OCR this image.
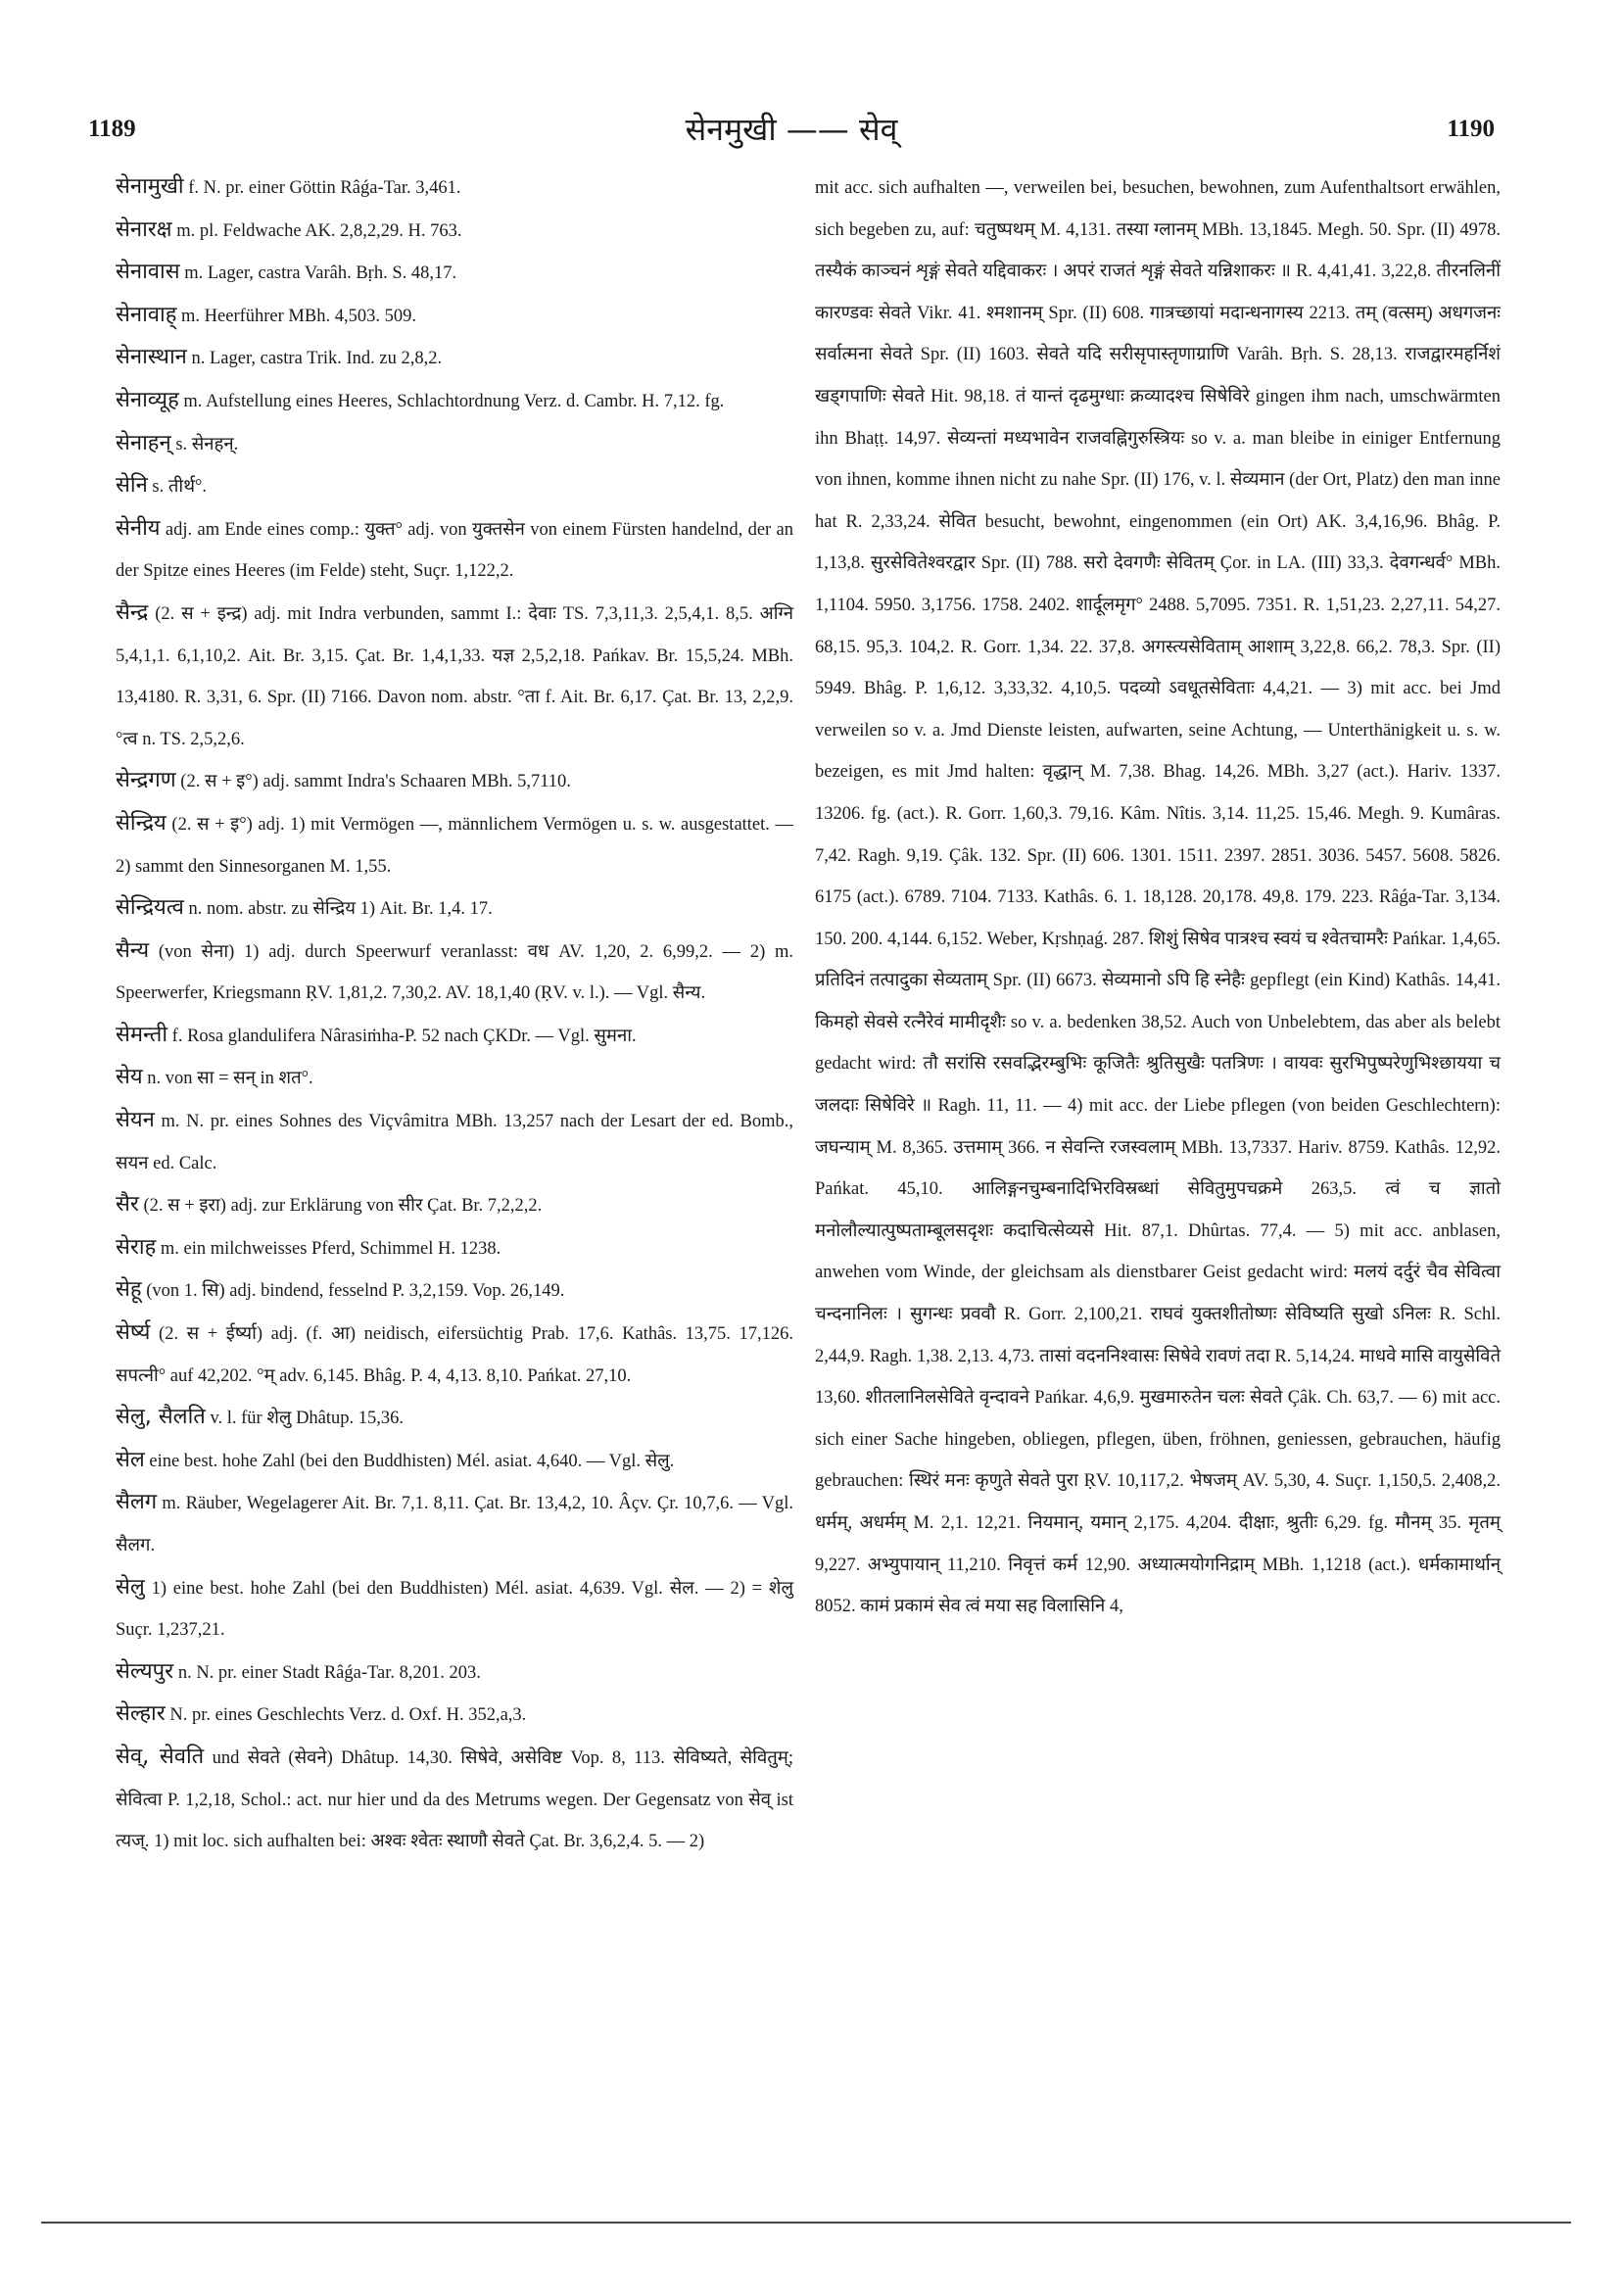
1189	सेनमुखी —— सेव्	1190
सेनामुखी f. N. pr. einer Göttin Râǵa-Tar. 3,461.
सेनारक्ष m. pl. Feldwache AK. 2,8,2,29. H. 763.
सेनावास m. Lager, castra Varâh. Bṛh. S. 48,17.
सेनावाह् m. Heerführer MBh. 4,503. 509.
सेनास्थान n. Lager, castra Trik. Ind. zu 2,8,2.
सेनाव्यूह m. Aufstellung eines Heeres, Schlachtordnung Verz. d. Cambr. H. 7,12. fg.
सेनाहन् s. सेनहन्.
सेनि s. तीर्थ°.
सेनीय adj. am Ende eines comp.: युक्त° adj. von युक्तसेन von einem Fürsten handelnd, der an der Spitze eines Heeres (im Felde) steht, Suçr. 1,122,2.
सैन्द्र (2. स + इन्द्र) adj. mit Indra verbunden, sammt I.: देवाः TS. 7,3,11,3. 2,5,4,1. 8,5. अग्नि 5,4,1,1. 6,1,10,2. Ait. Br. 3,15. Çat. Br. 1,4,1,33. यज्ञ 2,5,2,18. Pańkav. Br. 15,5,24. MBh. 13,4180. R. 3,31, 6. Spr. (II) 7166. Davon nom. abstr. °ता f. Ait. Br. 6,17. Çat. Br. 13, 2,2,9. °त्व n. TS. 2,5,2,6.
सेन्द्रगण (2. स + इ°) adj. sammt Indra's Schaaren MBh. 5,7110.
सेन्द्रिय (2. स + इ°) adj. 1) mit Vermögen —, männlichem Vermögen u. s. w. ausgestattet. — 2) sammt den Sinnesorganen M. 1,55.
सेन्द्रियत्व n. nom. abstr. zu सेन्द्रिय 1) Ait. Br. 1,4. 17.
सैन्य (von सेना) 1) adj. durch Speerwurf veranlasst: वध AV. 1,20, 2. 6,99,2. — 2) m. Speerwerfer, Kriegsmann ṚV. 1,81,2. 7,30,2. AV. 18,1,40 (ṚV. v. l.). — Vgl. सैन्य.
सेमन्ती f. Rosa glandulifera Nârasiṁha-P. 52 nach ÇKDr. — Vgl. सुमना.
सेय n. von सा = सन् in शत°.
सेयन m. N. pr. eines Sohnes des Viçvâmitra MBh. 13,257 nach der Lesart der ed. Bomb., सयन ed. Calc.
सैर (2. स + इरा) adj. zur Erklärung von सीर Çat. Br. 7,2,2,2.
सेराह m. ein milchweisses Pferd, Schimmel H. 1238.
सेहू (von 1. सि) adj. bindend, fesselnd P. 3,2,159. Vop. 26,149.
सेर्ष्य (2. स + ईर्ष्या) adj. (f. आ) neidisch, eifersüchtig Prab. 17,6. Kathâs. 13,75. 17,126. सपत्नी° auf 42,202. °म् adv. 6,145. Bhâg. P. 4, 4,13. 8,10. Pańkat. 27,10.
सेलु, सैलति v. l. für शेलु Dhâtup. 15,36.
सेल eine best. hohe Zahl (bei den Buddhisten) Mél. asiat. 4,640. — Vgl. सेलु.
सैलग m. Räuber, Wegelagerer Ait. Br. 7,1. 8,11. Çat. Br. 13,4,2, 10. Âçv. Çr. 10,7,6. — Vgl. सैलग.
सेलु 1) eine best. hohe Zahl (bei den Buddhisten) Mél. asiat. 4,639. Vgl. सेल. — 2) = शेलु Suçr. 1,237,21.
सेल्यपुर n. N. pr. einer Stadt Râǵa-Tar. 8,201. 203.
सेल्हार N. pr. eines Geschlechts Verz. d. Oxf. H. 352,a,3.
सेव्, सेवति und सेवते (सेवने) Dhâtup. 14,30. सिषेवे, असेविष्ट Vop. 8, 113. सेविष्यते, सेवितुम्; सेवित्वा P. 1,2,18, Schol.: act. nur hier und da des Metrums wegen. Der Gegensatz von सेव् ist त्यज्. 1) mit loc. sich aufhalten bei: अश्वः श्वेतः स्थाणौ सेवते Çat. Br. 3,6,2,4. 5. — 2)
mit acc. sich aufhalten —, verweilen bei, besuchen, bewohnen, zum Aufenthaltsort erwählen, sich begeben zu, auf: चतुष्पथम् M. 4,131. तस्या ग्लानम् MBh. 13,1845. Megh. 50. Spr. (II) 4978. तस्यैकं काञ्चनं शृङ्गं सेवते यद्दिवाकरः । अपरं राजतं शृङ्गं सेवते यन्निशाकरः ॥ R. 4,41,41. 3,22,8. तीरनलिनीं कारण्डवः सेवते Vikr. 41. श्मशानम् Spr. (II) 608. गात्रच्छायां मदान्धनागस्य 2213. तम् (वत्सम्) अधगजनः सर्वात्मना सेवते Spr. (II) 1603. सेवते यदि सरीसृपास्तृणाग्राणि Varâh. Bṛh. S. 28,13. राजद्वारमहर्निशं खड्गपाणिः सेवते Hit. 98,18. तं यान्तं दृढमुग्धाः क्रव्यादश्च सिषेविरे gingen ihm nach, umschwärmten ihn Bhaṭṭ. 14,97. सेव्यन्तां मध्यभावेन राजवह्निगुरुस्त्रियः so v. a. man bleibe in einiger Entfernung von ihnen, komme ihnen nicht zu nahe Spr. (II) 176, v. l. सेव्यमान (der Ort, Platz) den man inne hat R. 2,33,24. सेवित besucht, bewohnt, eingenommen (ein Ort) AK. 3,4,16,96. Bhâg. P. 1,13,8. सुरसेवितेश्वरद्वार Spr. (II) 788. सरो देवगणैः सेवितम् Çor. in LA. (III) 33,3. देवगन्धर्व° MBh. 1,1104. 5950. 3,1756. 1758. 2402. शार्दूलमृग° 2488. 5,7095. 7351. R. 1,51,23. 2,27,11. 54,27. 68,15. 95,3. 104,2. R. Gorr. 1,34. 22. 37,8. अगस्त्यसेविताम् आशाम् 3,22,8. 66,2. 78,3. Spr. (II) 5949. Bhâg. P. 1,6,12. 3,33,32. 4,10,5. पदव्यो ऽवधूतसेविताः 4,4,21. — 3) mit acc. bei Jmd verweilen so v. a. Jmd Dienste leisten, aufwarten, seine Achtung, — Unterthänigkeit u. s. w. bezeigen, es mit Jmd halten: वृद्धान् M. 7,38. Bhag. 14,26. MBh. 3,27 (act.). Hariv. 1337. 13206. fg. (act.). R. Gorr. 1,60,3. 79,16. Kâm. Nîtis. 3,14. 11,25. 15,46. Megh. 9. Kumâras. 7,42. Ragh. 9,19. Çâk. 132. Spr. (II) 606. 1301. 1511. 2397. 2851. 3036. 5457. 5608. 5826. 6175 (act.). 6789. 7104. 7133. Kathâs. 6. 1. 18,128. 20,178. 49,8. 179. 223. Râǵa-Tar. 3,134. 150. 200. 4,144. 6,152. Weber, Kṛshṇaǵ. 287. शिशुं सिषेव पात्रश्च स्वयं च श्वेतचामरैः Pańkar. 1,4,65. प्रतिदिनं तत्पादुका सेव्यताम् Spr. (II) 6673. सेव्यमानो ऽपि हि स्नेहैः gepflegt (ein Kind) Kathâs. 14,41. किमहो सेवसे रत्नैरेवं मामीदृशैः so v. a. bedenken 38,52. Auch von Unbelebtem, das aber als belebt gedacht wird: तौ सरांसि रसवद्भिरम्बुभिः कूजितैः श्रुतिसुखैः पतत्रिणः । वायवः सुरभिपुष्परेणुभिश्छायया च जलदाः सिषेविरे ॥ Ragh. 11, 11. — 4) mit acc. der Liebe pflegen (von beiden Geschlechtern): जघन्याम् M. 8,365. उत्तमाम् 366. न सेवन्ति रजस्वलाम् MBh. 13,7337. Hariv. 8759. Kathâs. 12,92. Pańkat. 45,10. आलिङ्गनचुम्बनादिभिरविस्रब्धां सेवितुमुपचक्रमे 263,5. त्वं च ज्ञातो मनोलौल्यात्पुष्पताम्बूलसदृशः कदाचित्सेव्यसे Hit. 87,1. Dhûrtas. 77,4. — 5) mit acc. anblasen, anwehen vom Winde, der gleichsam als dienstbarer Geist gedacht wird: मलयं दर्दुरं चैव सेवित्वा चन्दनानिलः । सुगन्धः प्रववौ R. Gorr. 2,100,21. राघवं युक्तशीतोष्णः सेविष्यति सुखो ऽनिलः R. Schl. 2,44,9. Ragh. 1,38. 2,13. 4,73. तासां वदननिश्वासः सिषेवे रावणं तदा R. 5,14,24. माधवे मासि वायुसेविते 13,60. शीतलानिलसेविते वृन्दावने Pańkar. 4,6,9. मुखमारुतेन चलः सेवते Çâk. Ch. 63,7. — 6) mit acc. sich einer Sache hingeben, obliegen, pflegen, üben, fröhnen, geniessen, gebrauchen, häufig gebrauchen: स्थिरं मनः कृणुते सेवते पुरा ṚV. 10,117,2. भेषजम् AV. 5,30, 4. Suçr. 1,150,5. 2,408,2. धर्मम्, अधर्मम् M. 2,1. 12,21. नियमान्, यमान् 2,175. 4,204. दीक्षाः, श्रुतीः 6,29. fg. मौनम् 35. मृतम् 9,227. अभ्युपायान् 11,210. निवृत्तं कर्म 12,90. अध्यात्मयोगनिद्राम् MBh. 1,1218 (act.). धर्मकामार्थान् 8052. कामं प्रकामं सेव त्वं मया सह विलासिनि 4,
